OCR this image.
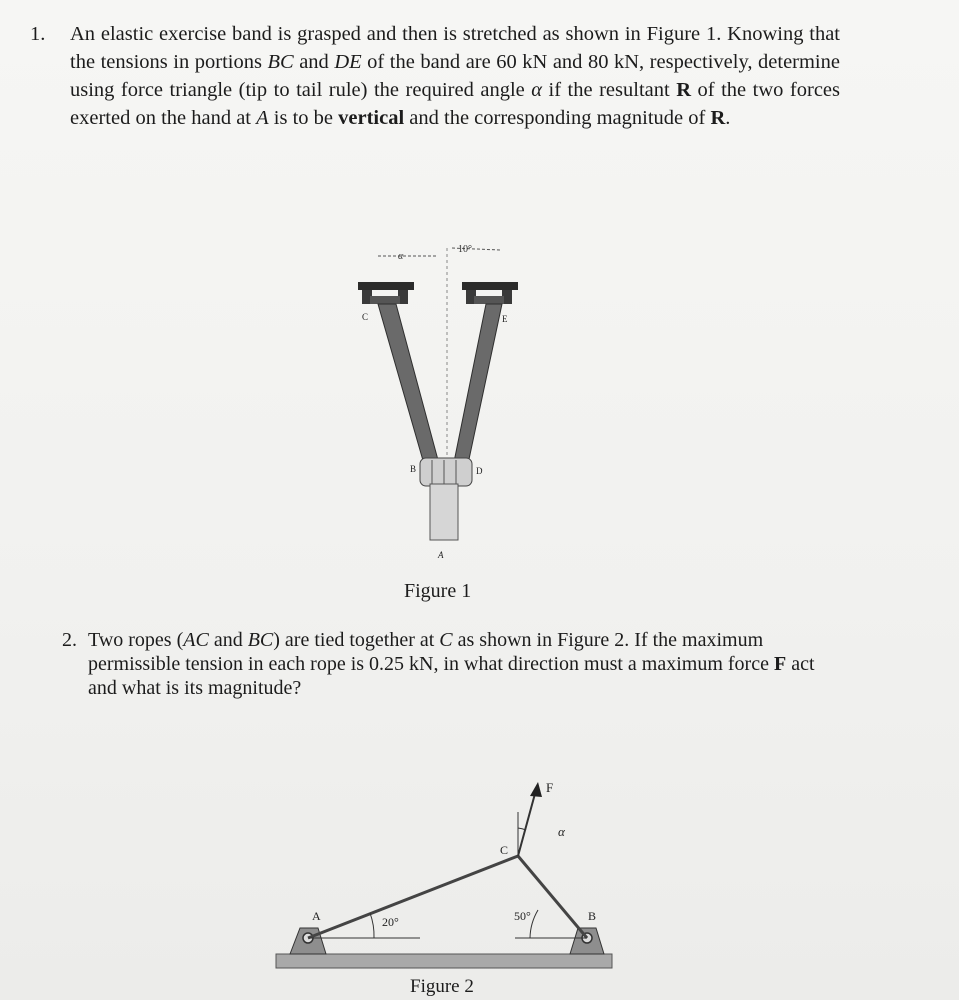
1. An elastic exercise band is grasped and then is stretched as shown in Figure 1. Knowing that the tensions in portions BC and DE of the band are 60 kN and 80 kN, respectively, determine using force triangle (tip to tail rule) the required angle α if the resultant R of the two forces exerted on the hand at A is to be vertical and the corresponding magnitude of R.
α
10°
C	E
B	D
A
Figure 1
2. Two ropes (AC and BC) are tied together at C as shown in Figure 2. If the maximum permissible tension in each rope is 0.25 kN, in what direction must a maximum force F act and what is its magnitude?
F
α
C
A	B
20°	50°
Figure 2
